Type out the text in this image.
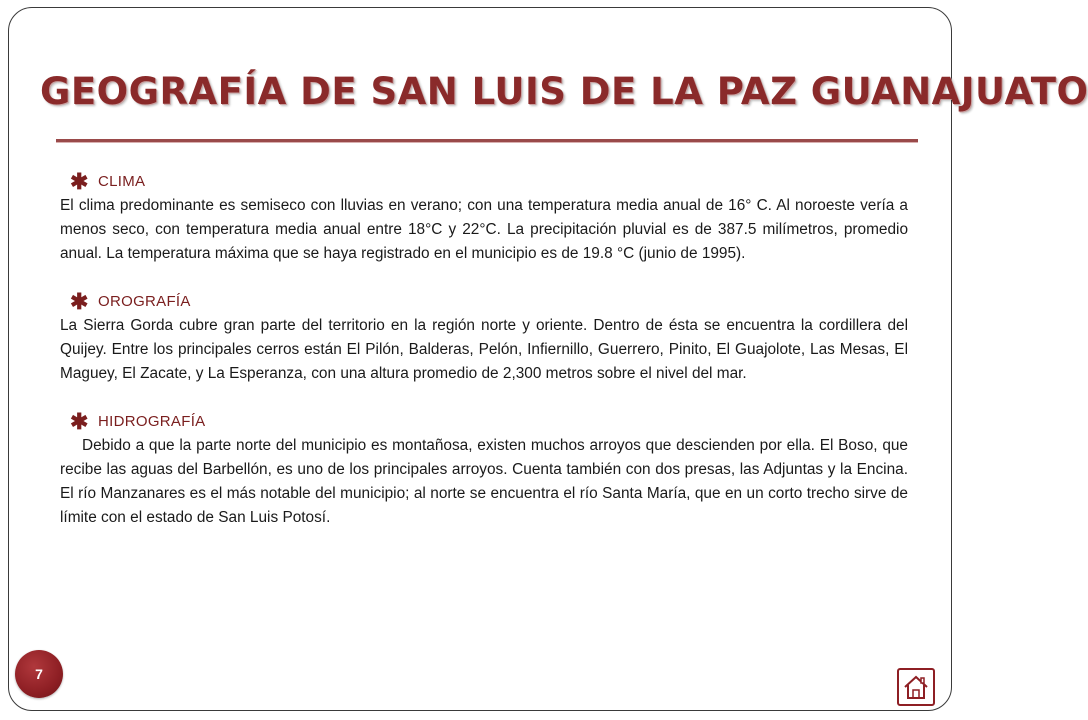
GEOGRAFÍA DE SAN LUIS DE LA PAZ GUANAJUATO
✱ CLIMA

El clima predominante es semiseco con lluvias en verano; con una temperatura media anual de 16° C. Al noroeste vería a menos seco, con temperatura media anual entre 18°C y 22°C. La precipitación pluvial es de 387.5 milímetros, promedio anual. La temperatura máxima que se haya registrado en el municipio es de 19.8 °C (junio de 1995).

✱ OROGRAFÍA

La Sierra Gorda cubre gran parte del territorio en la región norte y oriente. Dentro de ésta se encuentra la cordillera del Quijey. Entre los principales cerros están El Pilón, Balderas, Pelón, Infiernillo, Guerrero, Pinito, El Guajolote, Las Mesas, El Maguey, El Zacate, y La Esperanza, con una altura promedio de 2,300 metros sobre el nivel del mar.

✱ HIDROGRAFÍA

Debido a que la parte norte del municipio es montañosa, existen muchos arroyos que descienden por ella. El Boso, que recibe las aguas del Barbellón, es uno de los principales arroyos. Cuenta también con dos presas, las Adjuntas y la Encina. El río Manzanares es el más notable del municipio; al norte se encuentra el río Santa María, que en un corto trecho sirve de límite con el estado de San Luis Potosí.

7
